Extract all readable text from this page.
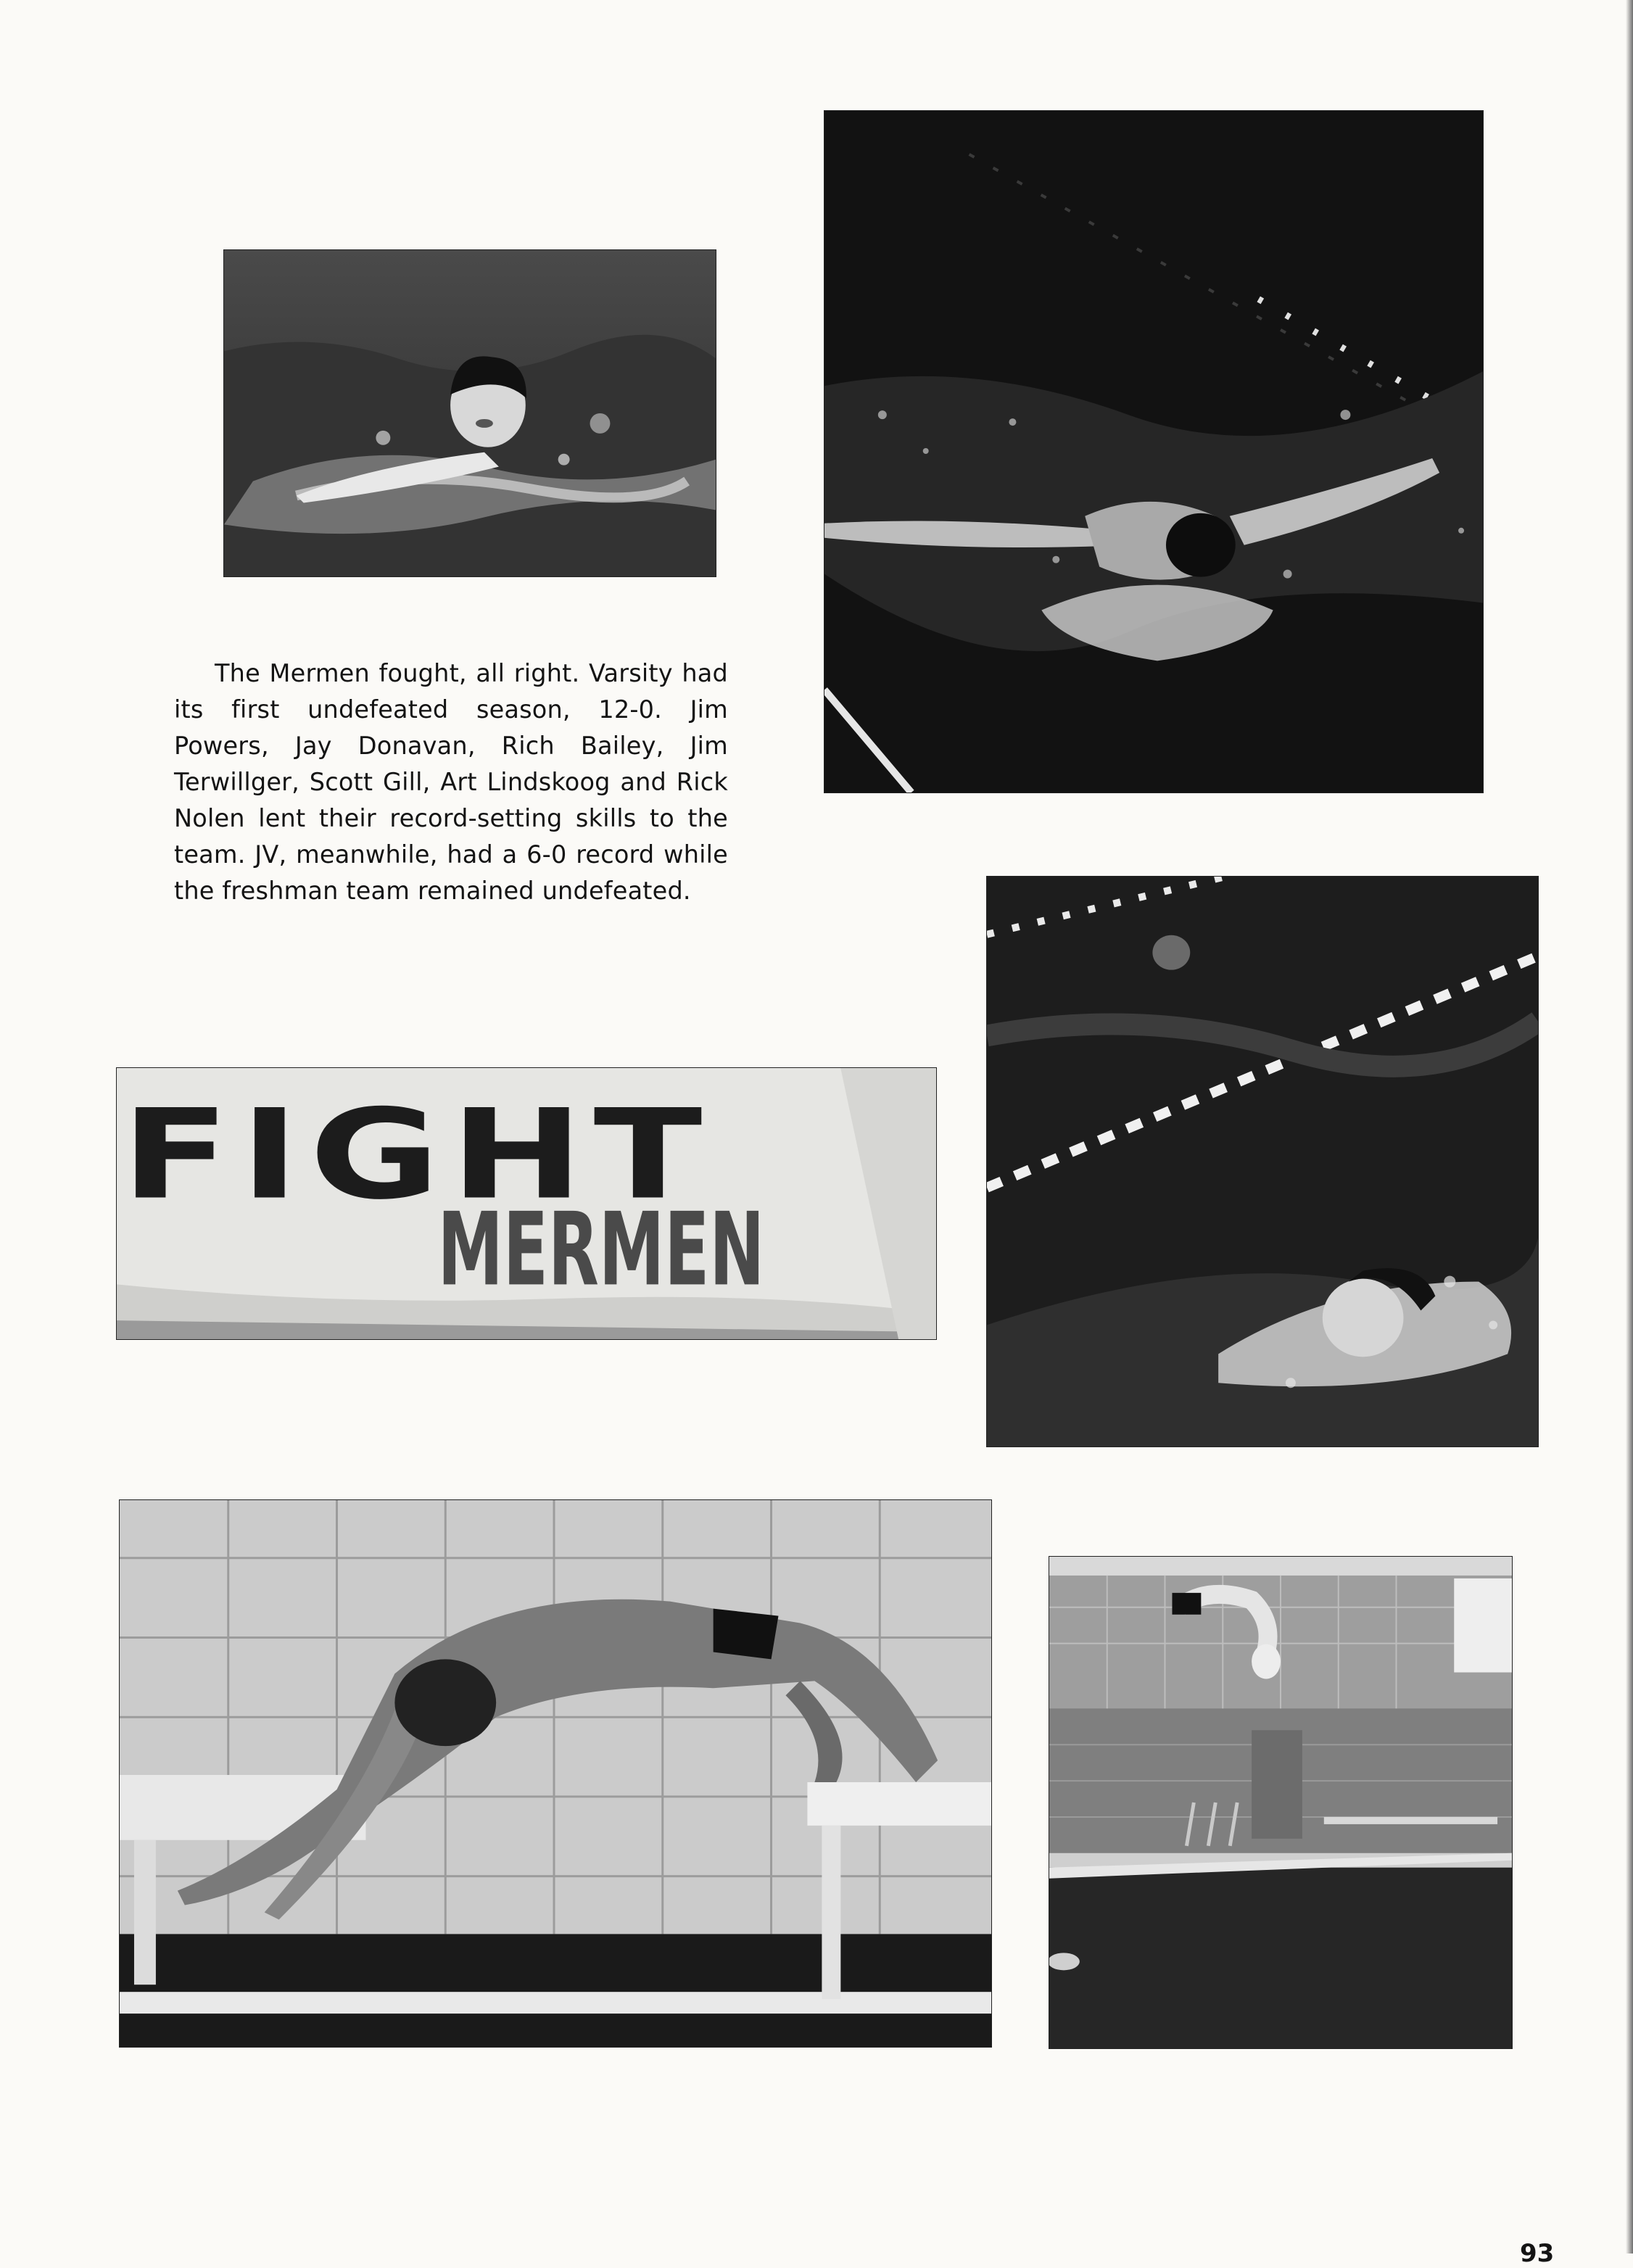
FIGHT
MERMEN

The Mermen fought, all right. Varsity had its first undefeated season, 12-0. Jim Powers, Jay Donavan, Rich Bailey, Jim Terwillger, Scott Gill, Art Lindskoog and Rick Nolen lent their record-setting skills to the team. JV, meanwhile, had a 6-0 record while the freshman team remained undefeated.

93
